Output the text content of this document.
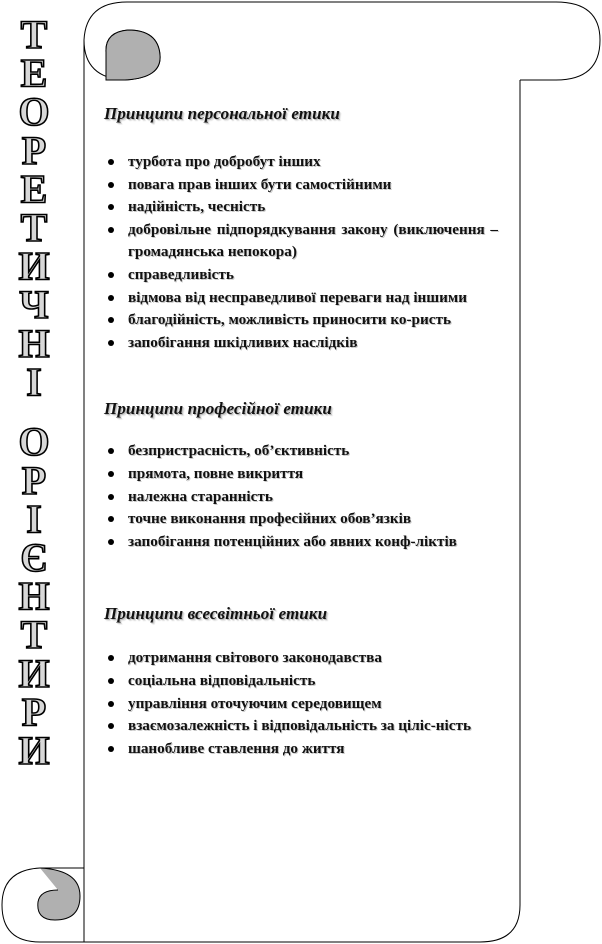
Т
Е
О
Р
Е
Т
И
Ч
Н
І
О
Р
І
Є
Н
Т
И
Р
И
Принципи персональної етики
турбота про добробут інших
повага прав інших бути самостійними
надійність, чесність
добровільне підпорядкування закону (виключення – громадянська непокора)
справедливість
відмова від несправедливої переваги над іншими
благодійність, можливість приносити ко-ристь
запобігання шкідливих наслідків
Принципи професійної етики
безпристрасність, об’єктивність
прямота, повне викриття
належна старанність
точне виконання професійних обов’язків
запобігання потенційних або явних конф-ліктів
Принципи всесвітньої етики
дотримання світового законодавства
соціальна відповідальність
управління оточуючим середовищем
взаємозалежність і відповідальність за ціліс-ність
шанобливе ставлення до життя
